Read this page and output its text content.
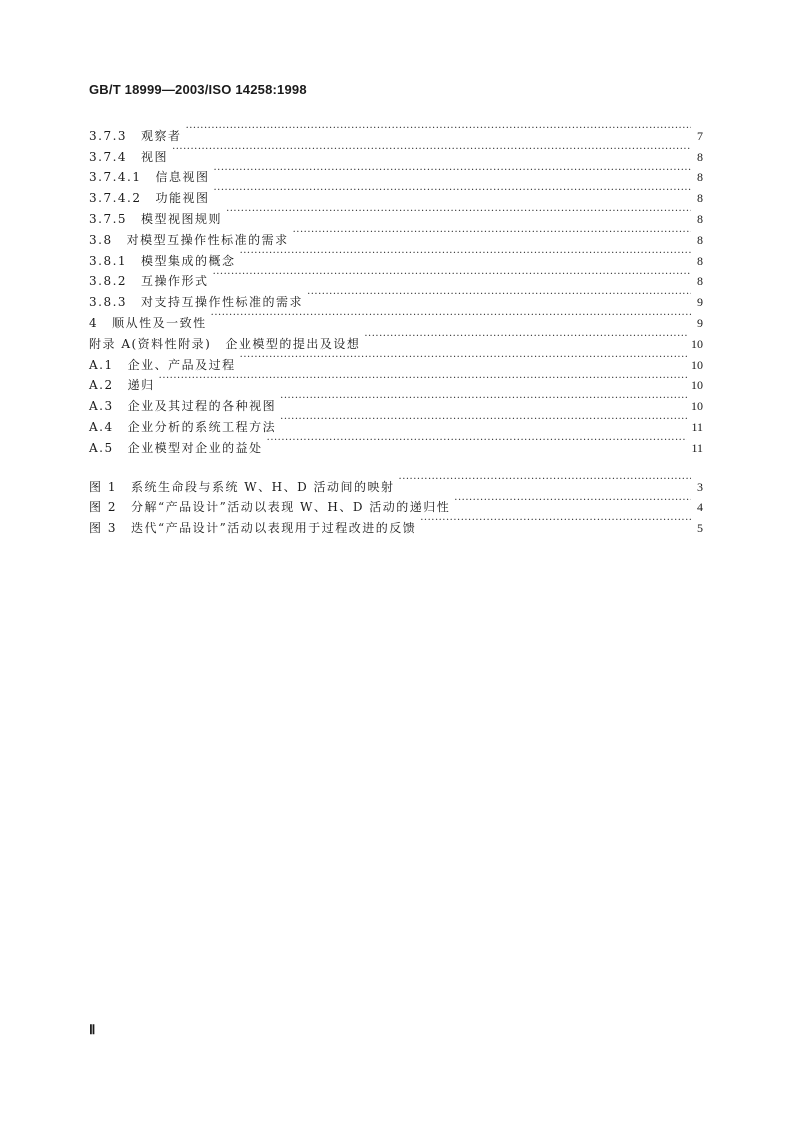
GB/T 18999—2003/ISO 14258:1998
3.7.3 观察者 ·····	7
3.7.4 视图 ·····	8
3.7.4.1 信息视图 ·····	8
3.7.4.2 功能视图 ·····	8
3.7.5 模型视图规则 ·····	8
3.8 对模型互操作性标准的需求 ·····	8
3.8.1 模型集成的概念 ·····	8
3.8.2 互操作形式 ·····	8
3.8.3 对支持互操作性标准的需求 ·····	9
4 顺从性及一致性 ·····	9
附录 A(资料性附录) 企业模型的提出及设想 ·····	10
A.1 企业、产品及过程 ·····	10
A.2 递归 ·····	10
A.3 企业及其过程的各种视图 ·····	10
A.4 企业分析的系统工程方法 ·····	11
A.5 企业模型对企业的益处 ·····	11
图 1 系统生命段与系统 W、H、D 活动间的映射 ·····	3
图 2 分解“产品设计”活动以表现 W、H、D 活动的递归性 ·····	4
图 3 迭代“产品设计”活动以表现用于过程改进的反馈 ·····	5
Ⅱ
